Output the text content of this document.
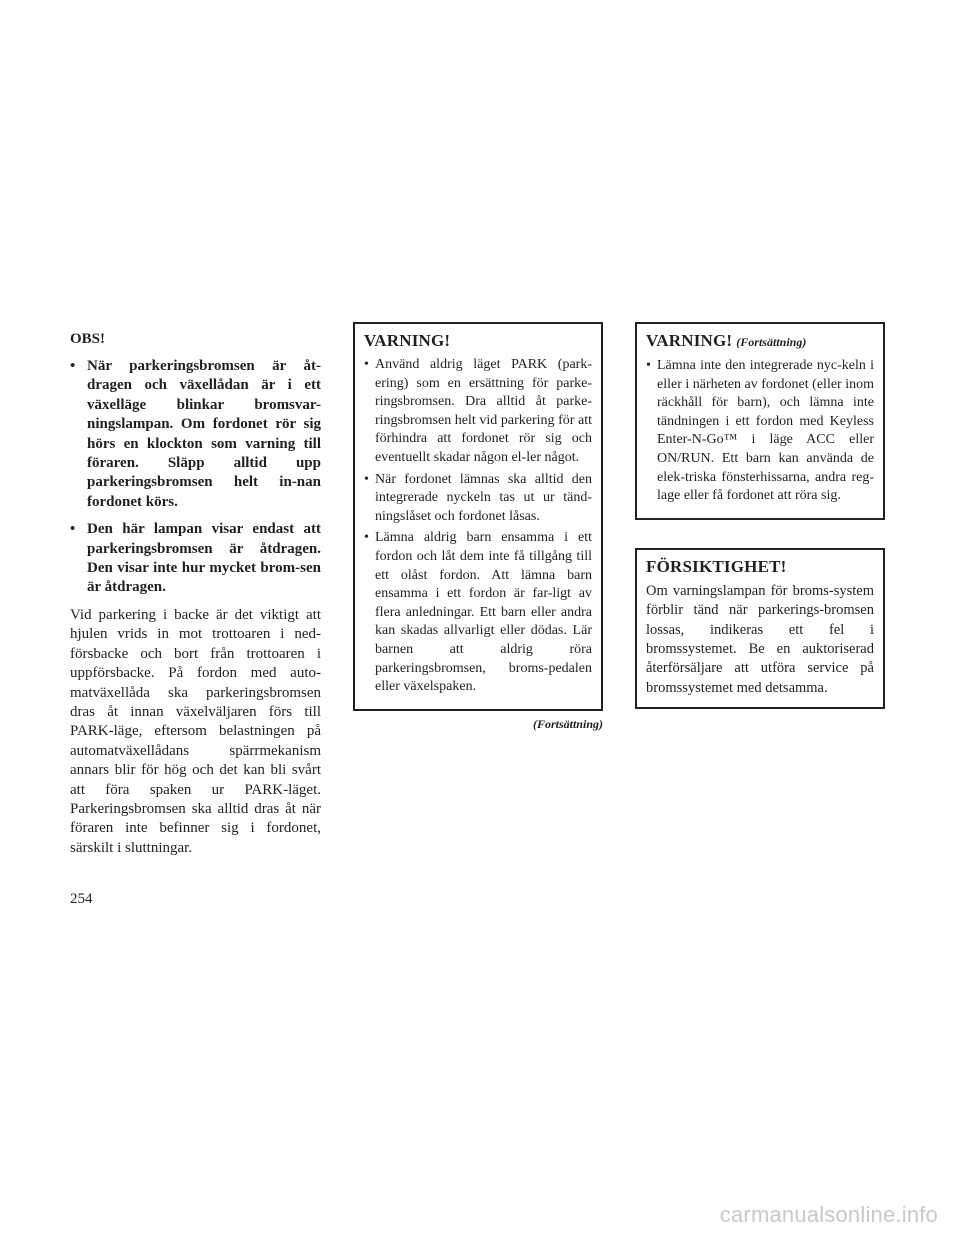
OBS!
• När parkeringsbromsen är åt-dragen och växellådan är i ett växelläge blinkar bromsvar-ningslampan. Om fordonet rör sig hörs en klockton som varning till föraren. Släpp alltid upp parkeringsbromsen helt in-nan fordonet körs.
• Den här lampan visar endast att parkeringsbromsen är åtdragen. Den visar inte hur mycket brom-sen är åtdragen.

Vid parkering i backe är det viktigt att hjulen vrids in mot trottoaren i ned-försbacke och bort från trottoaren i uppförsbacke. På fordon med auto-matväxellåda ska parkeringsbromsen dras åt innan växelväljaren förs till PARK-läge, eftersom belastningen på automatväxellådans spärrmekanism annars blir för hög och det kan bli svårt att föra spaken ur PARK-läget. Parkeringsbromsen ska alltid dras åt när föraren inte befinner sig i fordonet, särskilt i sluttningar.

VARNING!
• Använd aldrig läget PARK (park-ering) som en ersättning för parke-ringsbromsen. Dra alltid åt parke-ringsbromsen helt vid parkering för att förhindra att fordonet rör sig och eventuellt skadar någon el-ler något.
• När fordonet lämnas ska alltid den integrerade nyckeln tas ut ur tänd-ningslåset och fordonet låsas.
• Lämna aldrig barn ensamma i ett fordon och låt dem inte få tillgång till ett olåst fordon. Att lämna barn ensamma i ett fordon är far-ligt av flera anledningar. Ett barn eller andra kan skadas allvarligt eller dödas. Lär barnen att aldrig röra parkeringsbromsen, broms-pedalen eller växelspaken.
(Fortsättning)
VARNING! (Fortsättning)
• Lämna inte den integrerade nyc-keln i eller i närheten av fordonet (eller inom räckhåll för barn), och lämna inte tändningen i ett fordon med Keyless Enter-N-Go™ i läge ACC eller ON/RUN. Ett barn kan använda de elek-triska fönsterhissarna, andra reg-lage eller få fordonet att röra sig.
FÖRSIKTIGHET!

Om varningslampan för broms-system förblir tänd när parkerings-bromsen lossas, indikeras ett fel i bromssystemet. Be en auktoriserad återförsäljare att utföra service på bromssystemet med detsamma.

254
carmanualsonline.info
